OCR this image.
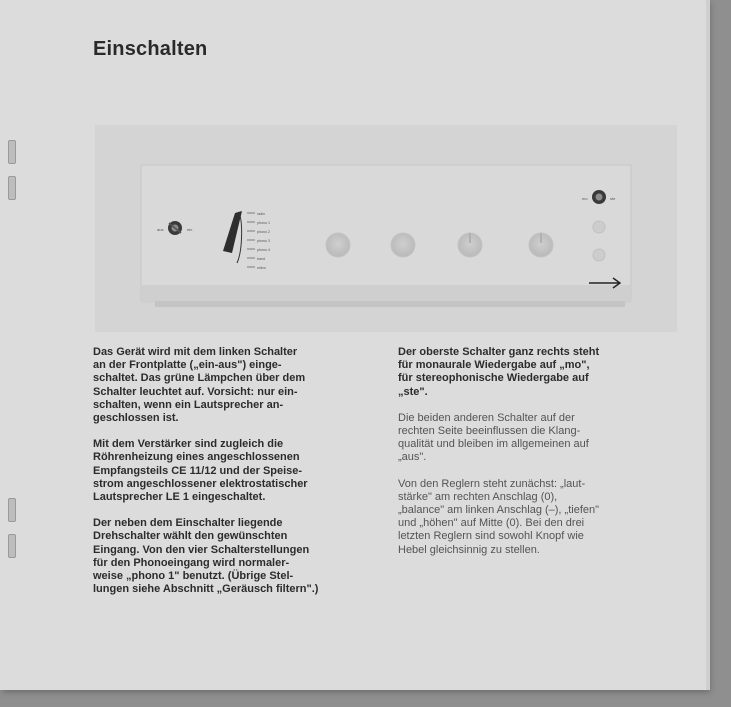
Einschalten
aus	ein
radio
phono 1
phono 2
phono 3
phono 4
band
mikro
mo	ste

Das Gerät wird mit dem linken Schalter
an der Frontplatte („ein-aus") einge-
schaltet. Das grüne Lämpchen über dem
Schalter leuchtet auf. Vorsicht: nur ein-
schalten, wenn ein Lautsprecher an-
geschlossen ist.

Mit dem Verstärker sind zugleich die
Röhrenheizung eines angeschlossenen
Empfangsteils CE 11/12 und der Speise-
strom angeschlossener elektrostatischer
Lautsprecher LE 1 eingeschaltet.

Der neben dem Einschalter liegende
Drehschalter wählt den gewünschten
Eingang. Von den vier Schalterstellungen
für den Phonoeingang wird normaler-
weise „phono 1" benutzt. (Übrige Stel-
lungen siehe Abschnitt „Geräusch filtern".)

Der oberste Schalter ganz rechts steht
für monaurale Wiedergabe auf „mo",
für stereophonische Wiedergabe auf
„ste".

Die beiden anderen Schalter auf der
rechten Seite beeinflussen die Klang-
qualität und bleiben im allgemeinen auf
„aus".

Von den Reglern steht zunächst: „laut-
stärke" am rechten Anschlag (0),
„balance" am linken Anschlag (–), „tiefen"
und „höhen" auf Mitte (0). Bei den drei
letzten Reglern sind sowohl Knopf wie
Hebel gleichsinnig zu stellen.
